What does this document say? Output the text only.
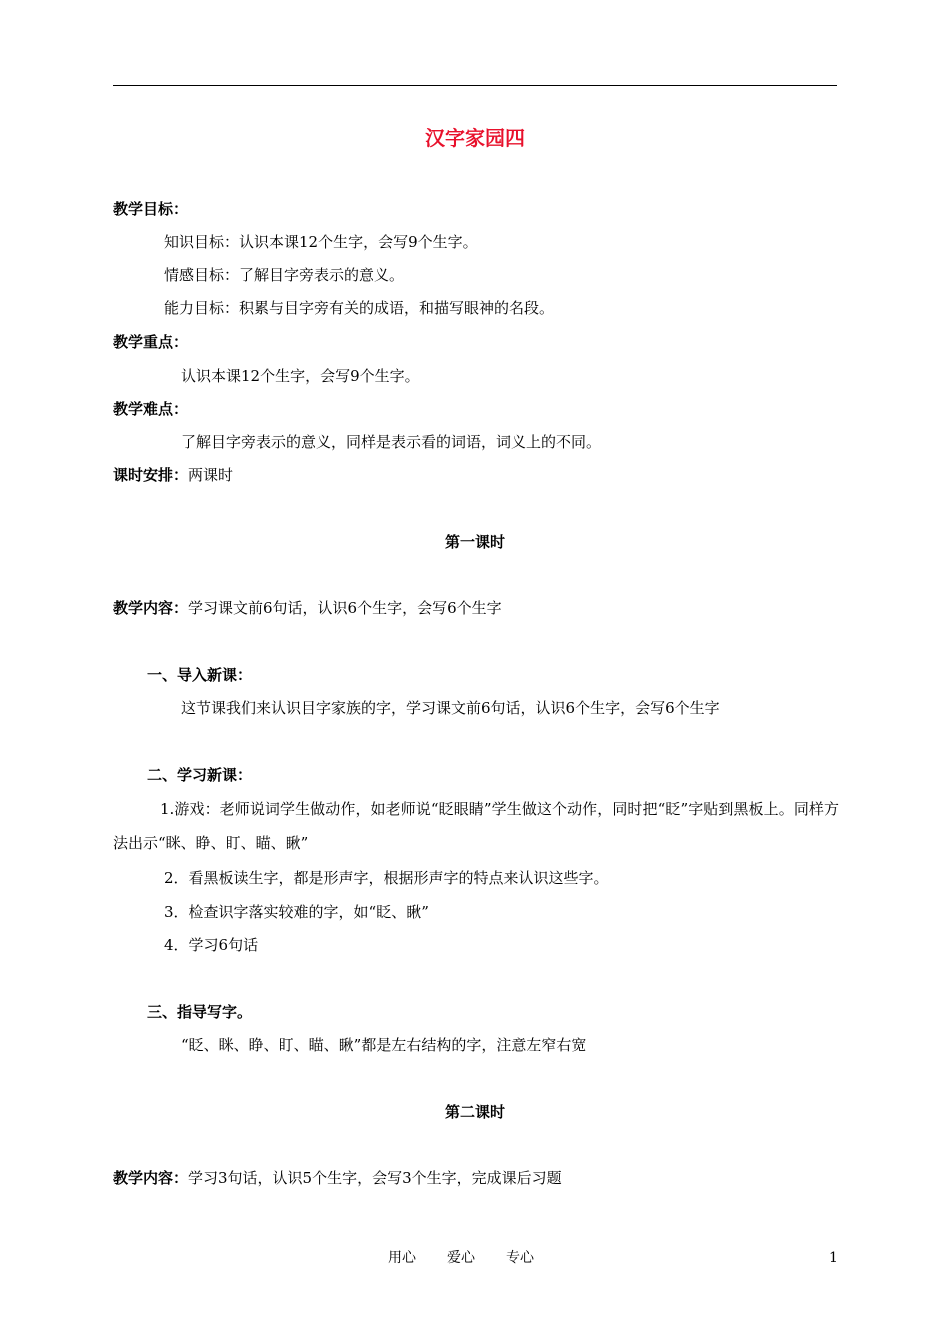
汉字家园四
教学目标：
知识目标：认识本课12个生字，会写9个生字。
情感目标：了解目字旁表示的意义。
能力目标：积累与目字旁有关的成语，和描写眼神的名段。
教学重点：
认识本课12个生字，会写9个生字。
教学难点：
了解目字旁表示的意义，同样是表示看的词语，词义上的不同。
课时安排：两课时
第一课时
教学内容：学习课文前6句话，认识6个生字，会写6个生字
一、导入新课：
这节课我们来认识目字家族的字，学习课文前6句话，认识6个生字，会写6个生字
二、学习新课：
1.游戏：老师说词学生做动作，如老师说“眨眼睛”学生做这个动作，同时把“眨”字贴到黑板上。同样方法出示“眯、睁、盯、瞄、瞅”
2．看黑板读生字，都是形声字，根据形声字的特点来认识这些字。
3．检查识字落实较难的字，如“眨、瞅”
4．学习6句话
三、指导写字。
“眨、眯、睁、盯、瞄、瞅”都是左右结构的字，注意左窄右宽
第二课时
教学内容：学习3句话，认识5个生字，会写3个生字，完成课后习题
用心 爱心 专心	1
